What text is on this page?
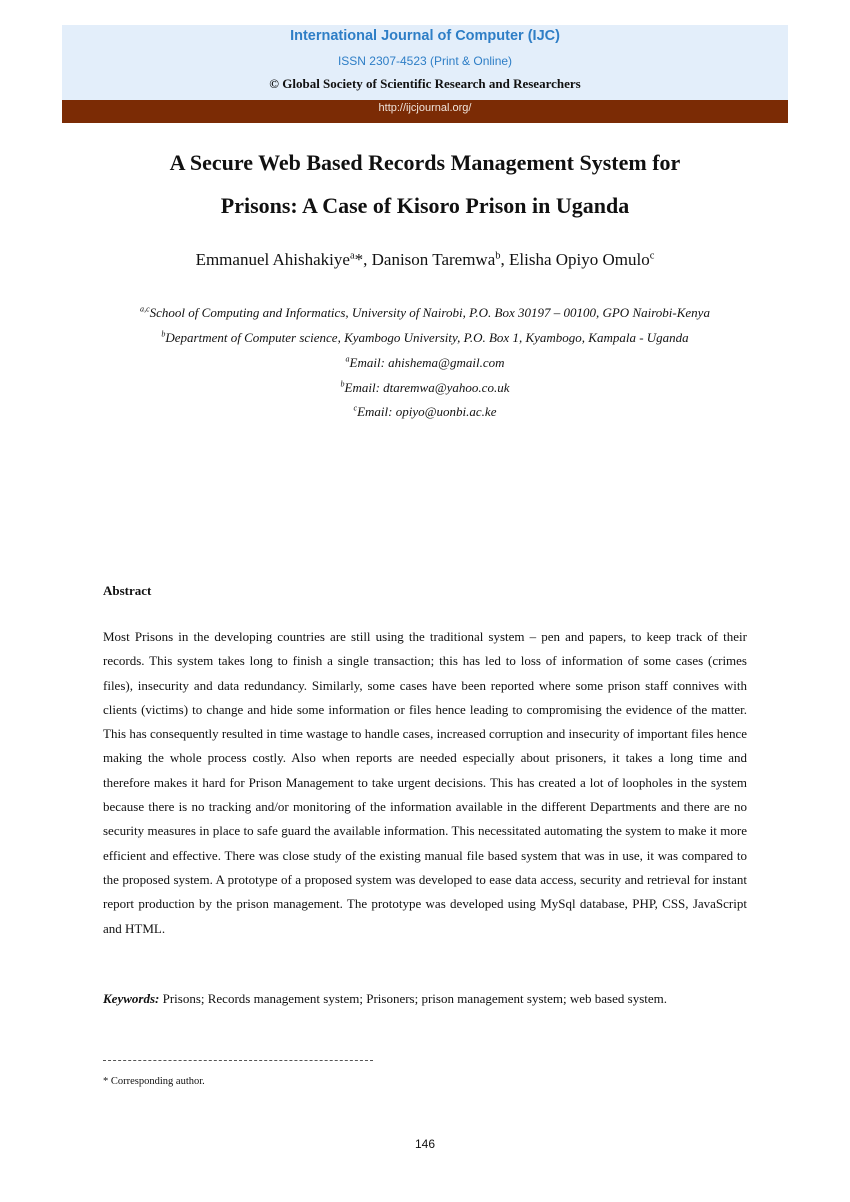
International Journal of Computer (IJC)
ISSN 2307-4523 (Print & Online)
© Global Society of Scientific Research and Researchers
http://ijcjournal.org/
A Secure Web Based Records Management System for
Prisons: A Case of Kisoro Prison in Uganda
Emmanuel Ahishakiye$^a$*, Danison Taremwa$^b$, Elisha Opiyo Omulo$^c$
$^{a,c}$School of Computing and Informatics, University of Nairobi, P.O. Box 30197 – 00100, GPO Nairobi-Kenya
$^b$Department of Computer science, Kyambogo University, P.O. Box 1, Kyambogo, Kampala - Uganda
$^a$Email: ahishema@gmail.com
$^b$Email: dtaremwa@yahoo.co.uk
$^c$Email: opiyo@uonbi.ac.ke
Abstract

Most Prisons in the developing countries are still using the traditional system – pen and papers, to keep track of their records. This system takes long to finish a single transaction; this has led to loss of information of some cases (crimes files), insecurity and data redundancy. Similarly, some cases have been reported where some prison staff connives with clients (victims) to change and hide some information or files hence leading to compromising the evidence of the matter. This has consequently resulted in time wastage to handle cases, increased corruption and insecurity of important files hence making the whole process costly. Also when reports are needed especially about prisoners, it takes a long time and therefore makes it hard for Prison Management to take urgent decisions. This has created a lot of loopholes in the system because there is no tracking and/or monitoring of the information available in the different Departments and there are no security measures in place to safe guard the available information. This necessitated automating the system to make it more efficient and effective. There was close study of the existing manual file based system that was in use, it was compared to the proposed system. A prototype of a proposed system was developed to ease data access, security and retrieval for instant report production by the prison management. The prototype was developed using MySql database, PHP, CSS, JavaScript and HTML.

Keywords: Prisons; Records management system; Prisoners; prison management system; web based system.
* Corresponding author.
146
